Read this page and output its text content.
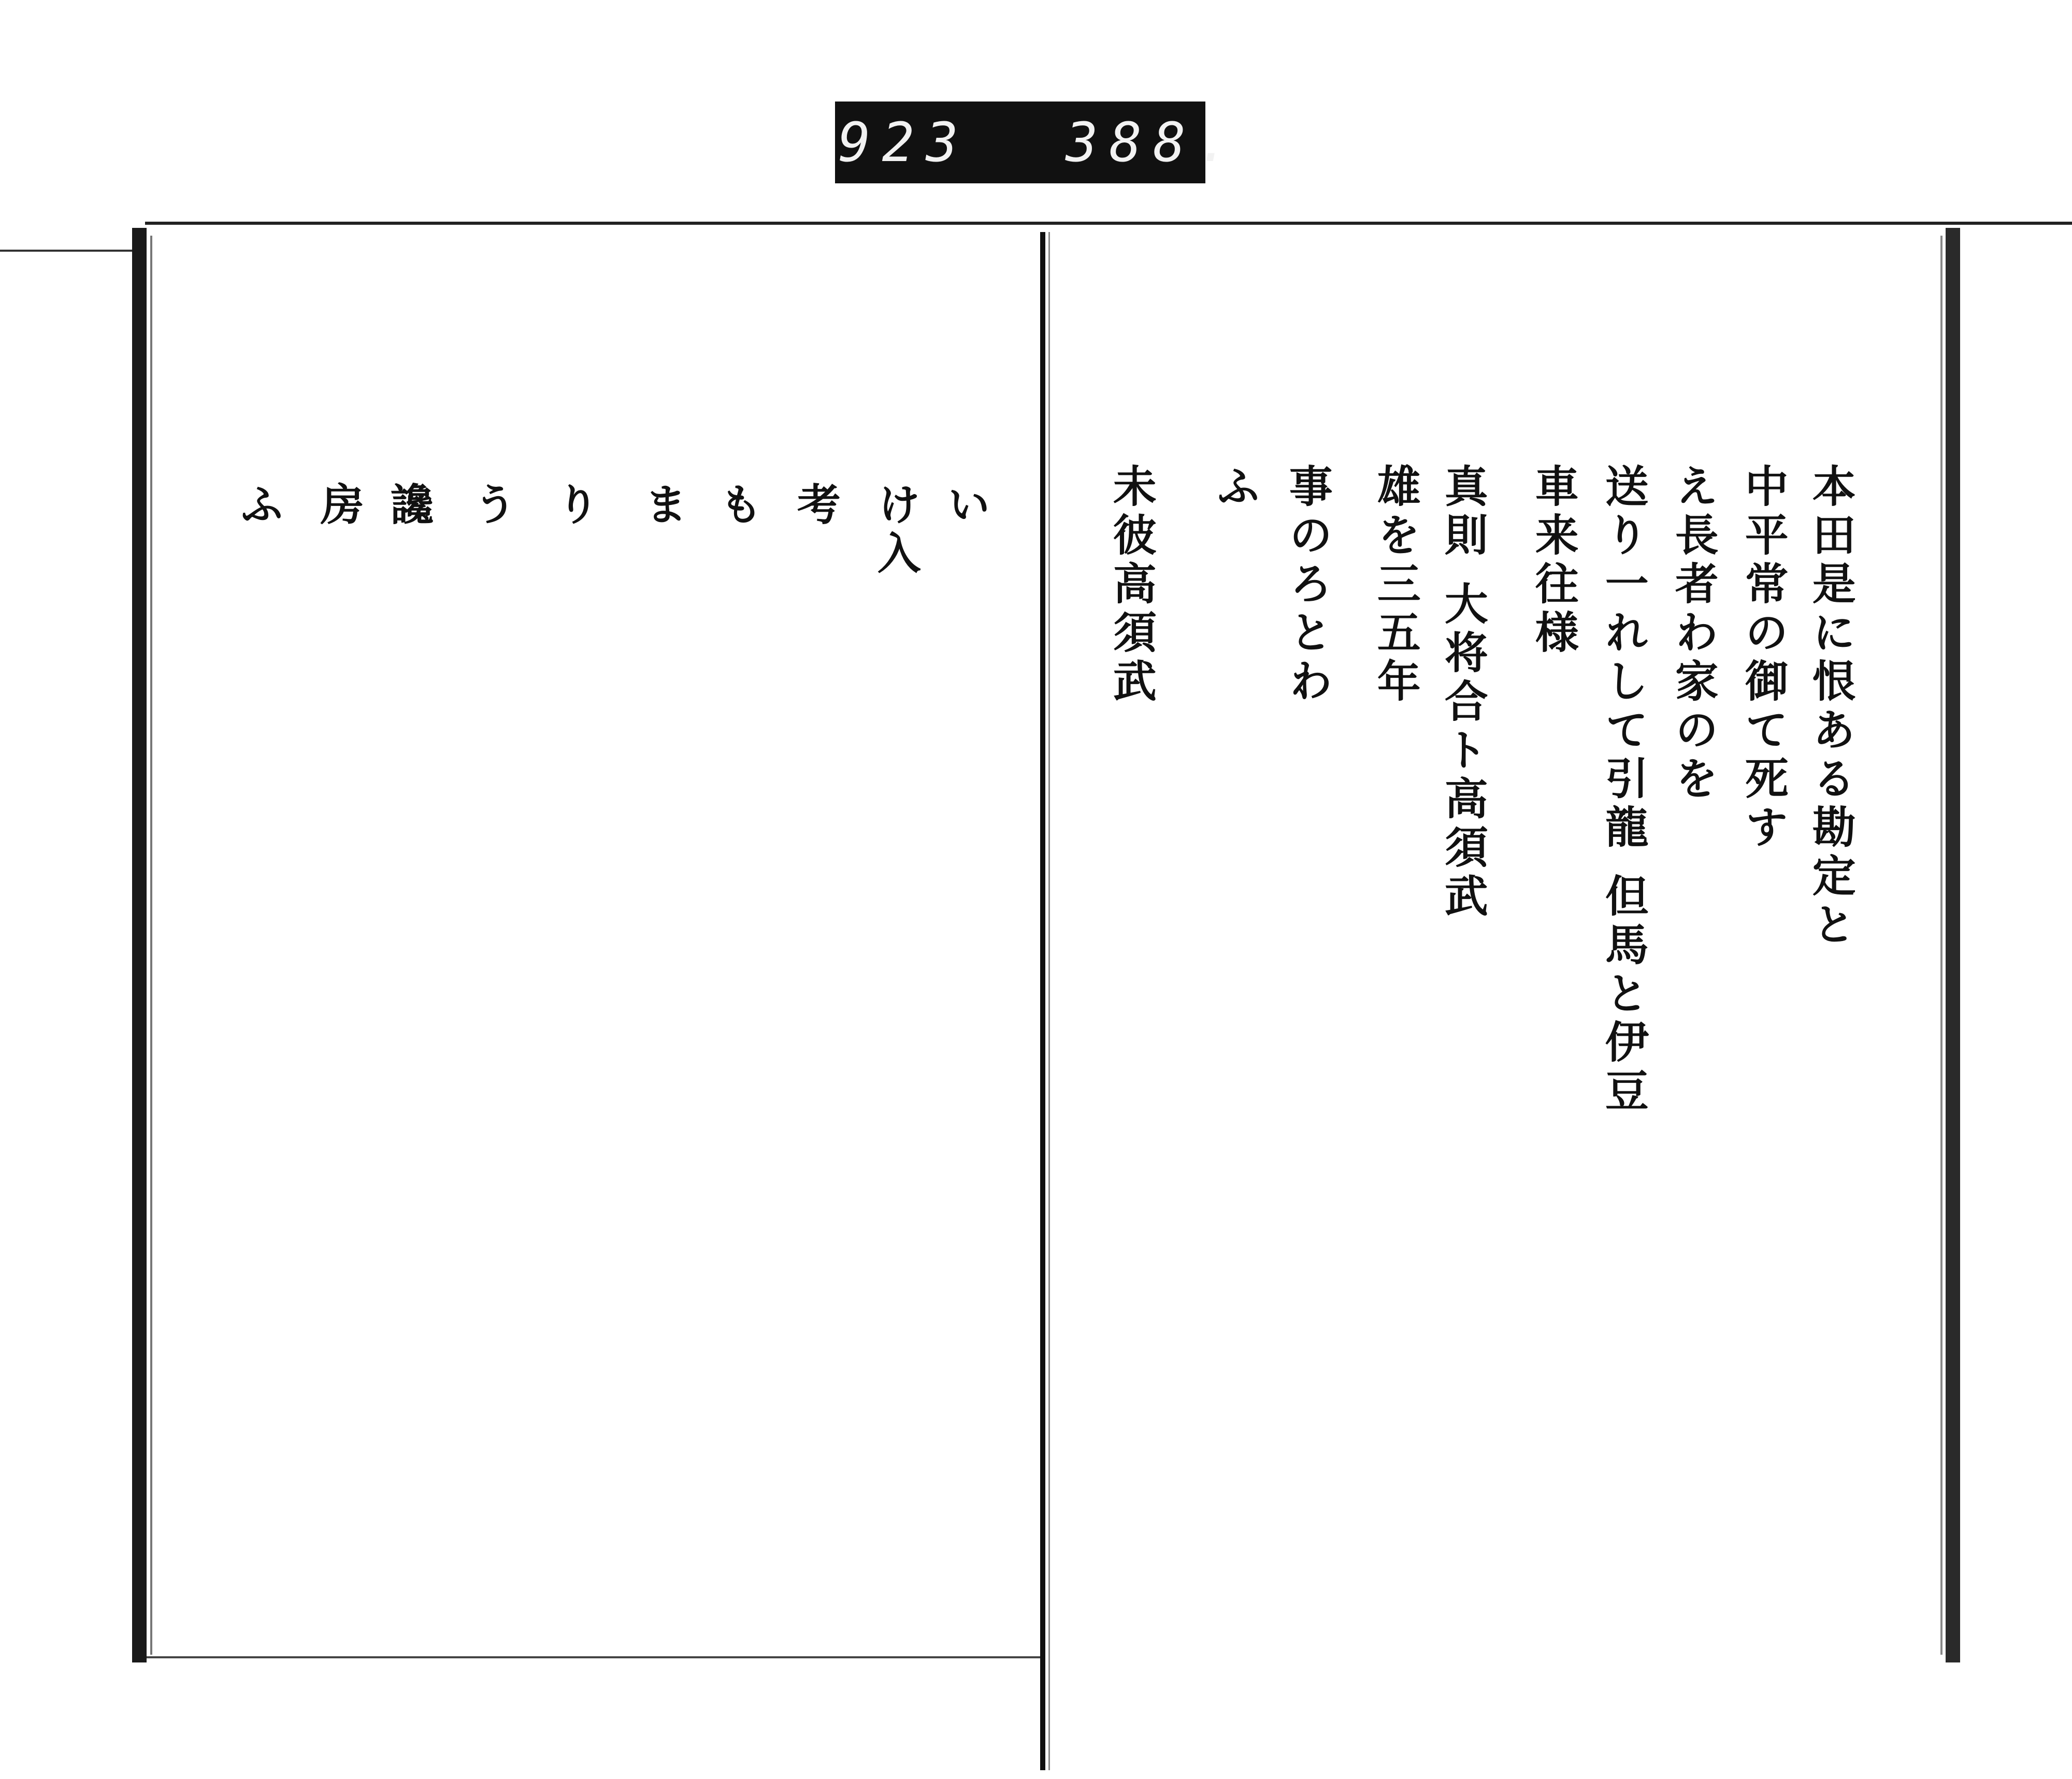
923 388.
本田是に恨ある勘定と
中平常の御て死す
え長者わ家のを
送り一れして引龍 但馬と伊豆
車来往様
真則 大将合ト高須武
雄を三五年
事のろとわ
ふ
未彼高須武
い
け入
考
も
ま
り
う
讒
房
ふ
